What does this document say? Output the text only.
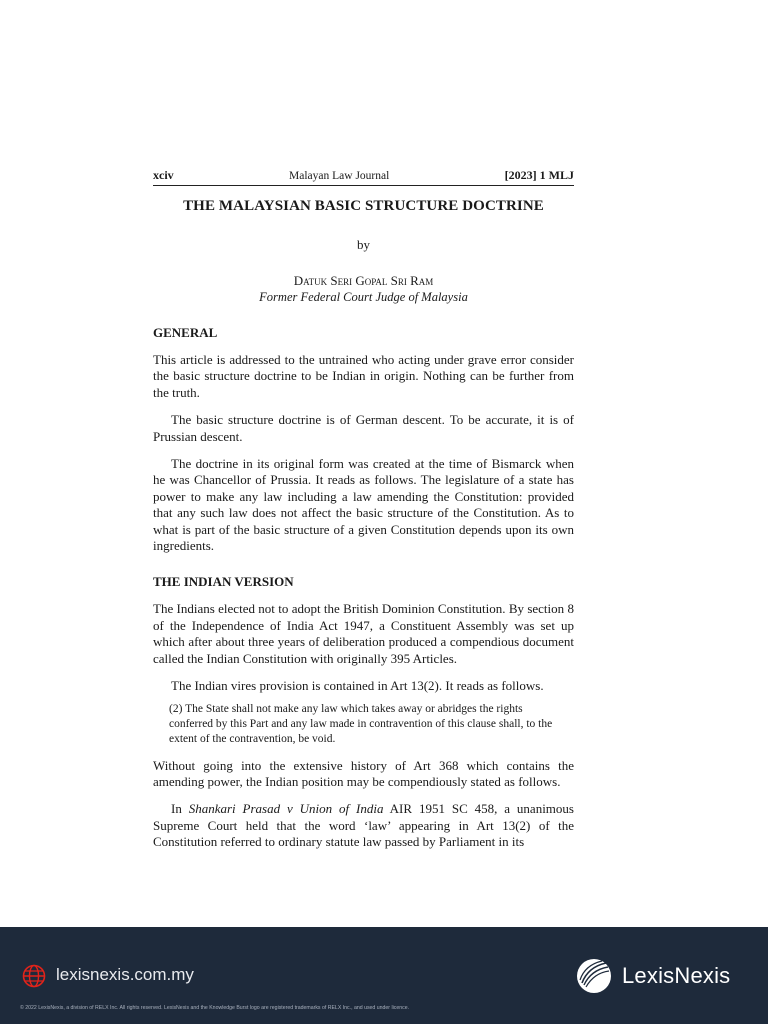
xciv	Malayan Law Journal	[2023] 1 MLJ
THE MALAYSIAN BASIC STRUCTURE DOCTRINE
by
Datuk Seri Gopal Sri Ram
Former Federal Court Judge of Malaysia
GENERAL

This article is addressed to the untrained who acting under grave error consider the basic structure doctrine to be Indian in origin. Nothing can be further from the truth.

The basic structure doctrine is of German descent. To be accurate, it is of Prussian descent.

The doctrine in its original form was created at the time of Bismarck when he was Chancellor of Prussia. It reads as follows. The legislature of a state has power to make any law including a law amending the Constitution: provided that any such law does not affect the basic structure of the Constitution. As to what is part of the basic structure of a given Constitution depends upon its own ingredients.

THE INDIAN VERSION

The Indians elected not to adopt the British Dominion Constitution. By section 8 of the Independence of India Act 1947, a Constituent Assembly was set up which after about three years of deliberation produced a compendious document called the Indian Constitution with originally 395 Articles.

The Indian vires provision is contained in Art 13(2). It reads as follows.

(2) The State shall not make any law which takes away or abridges the rights conferred by this Part and any law made in contravention of this clause shall, to the extent of the contravention, be void.

Without going into the extensive history of Art 368 which contains the amending power, the Indian position may be compendiously stated as follows.

In Shankari Prasad v Union of India AIR 1951 SC 458, a unanimous Supreme Court held that the word ‘law’ appearing in Art 13(2) of the Constitution referred to ordinary statute law passed by Parliament in its

lexisnexis.com.my	LexisNexis
© 2022 LexisNexis, a division of RELX Inc. All rights reserved. LexisNexis and the Knowledge Burst logo are registered trademarks of RELX Inc., and used under licence.
